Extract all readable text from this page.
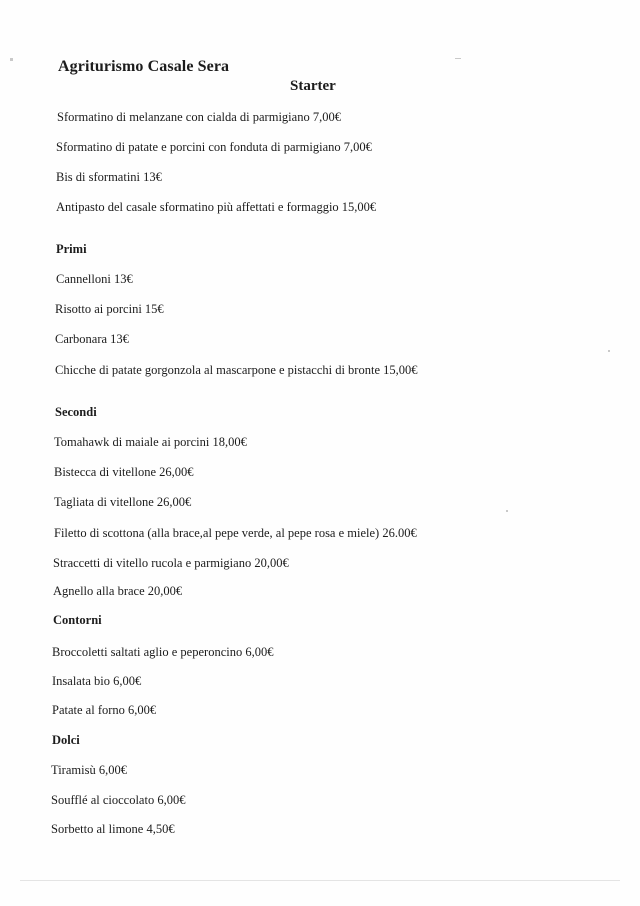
Agriturismo Casale Sera
Starter
Sformatino di melanzane con cialda di parmigiano 7,00€
Sformatino di patate e porcini con fonduta di parmigiano 7,00€
Bis di sformatini 13€
Antipasto del casale sformatino più affettati e formaggio 15,00€
Primi
Cannelloni 13€
Risotto ai porcini 15€
Carbonara 13€
Chicche di patate gorgonzola al mascarpone e pistacchi di bronte 15,00€
Secondi
Tomahawk di maiale ai porcini 18,00€
Bistecca di vitellone 26,00€
Tagliata di vitellone 26,00€
Filetto di scottona (alla brace,al pepe verde, al pepe rosa e miele) 26.00€
Straccetti di vitello rucola e parmigiano 20,00€
Agnello alla brace 20,00€
Contorni
Broccoletti saltati aglio e peperoncino 6,00€
Insalata bio 6,00€
Patate al forno 6,00€
Dolci
Tiramisù 6,00€
Soufflé al cioccolato 6,00€
Sorbetto al limone 4,50€
